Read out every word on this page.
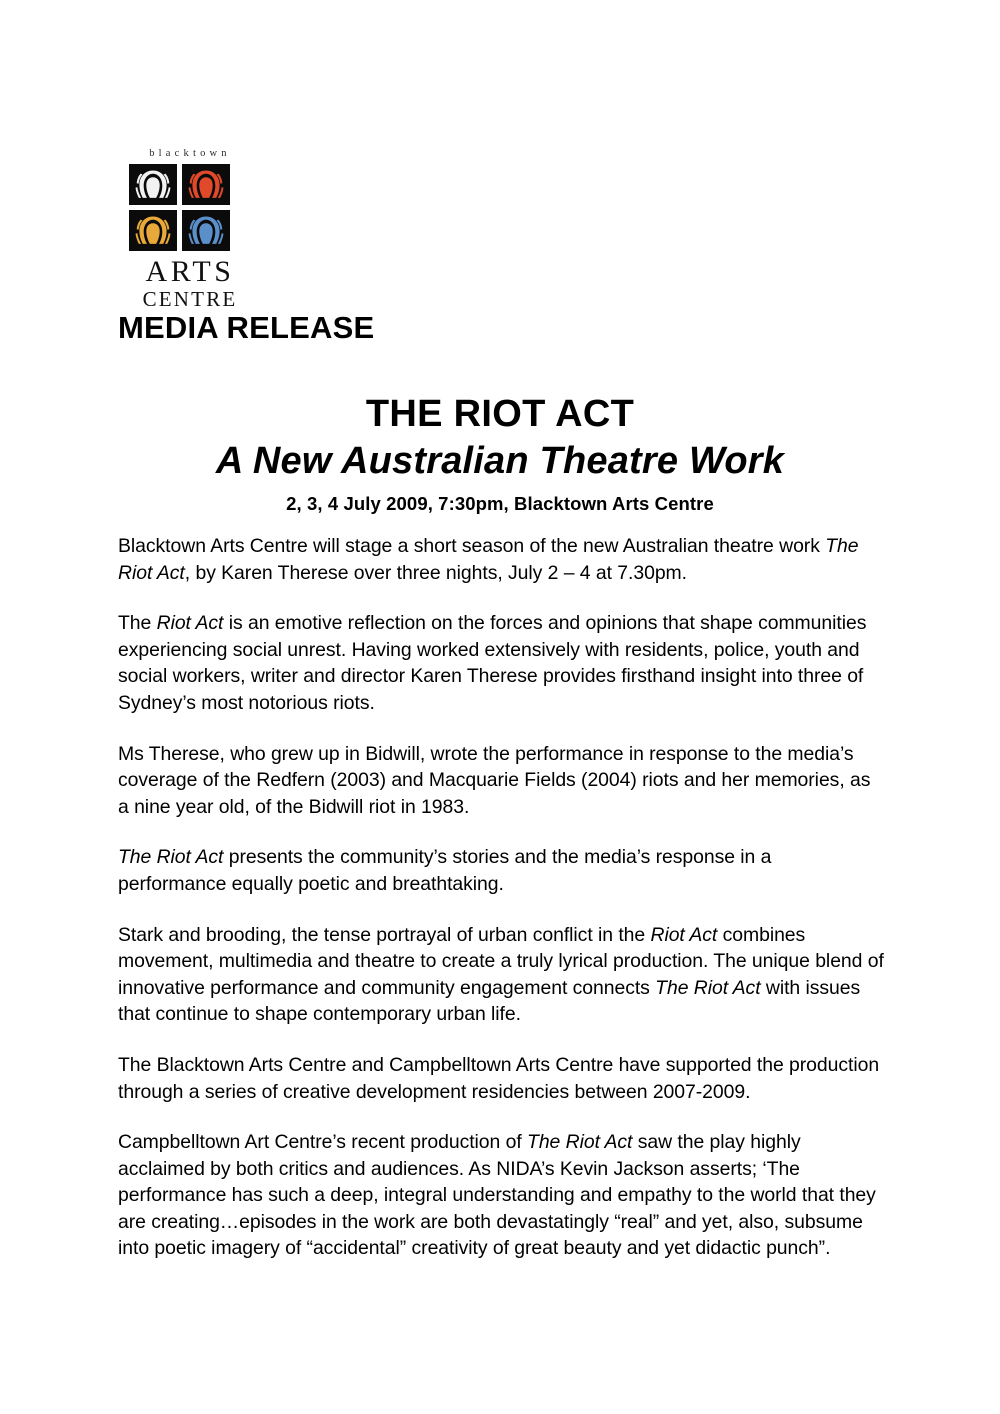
blacktown
ARTS
CENTRE
MEDIA RELEASE
THE RIOT ACT
A New Australian Theatre Work
2, 3, 4 July 2009, 7:30pm, Blacktown Arts Centre

Blacktown Arts Centre will stage a short season of the new Australian theatre work The Riot Act, by Karen Therese over three nights, July 2 – 4 at 7.30pm.

The Riot Act is an emotive reflection on the forces and opinions that shape communities experiencing social unrest. Having worked extensively with residents, police, youth and social workers, writer and director Karen Therese provides firsthand insight into three of Sydney’s most notorious riots.

Ms Therese, who grew up in Bidwill, wrote the performance in response to the media’s coverage of the Redfern (2003) and Macquarie Fields (2004) riots and her memories, as a nine year old, of the Bidwill riot in 1983.

The Riot Act presents the community’s stories and the media’s response in a performance equally poetic and breathtaking.

Stark and brooding, the tense portrayal of urban conflict in the Riot Act combines movement, multimedia and theatre to create a truly lyrical production. The unique blend of innovative performance and community engagement connects The Riot Act with issues that continue to shape contemporary urban life.

The Blacktown Arts Centre and Campbelltown Arts Centre have supported the production through a series of creative development residencies between 2007-2009.

Campbelltown Art Centre’s recent production of The Riot Act saw the play highly acclaimed by both critics and audiences. As NIDA’s Kevin Jackson asserts; ‘The performance has such a deep, integral understanding and empathy to the world that they are creating…episodes in the work are both devastatingly “real” and yet, also, subsume into poetic imagery of “accidental” creativity of great beauty and yet didactic punch”.
